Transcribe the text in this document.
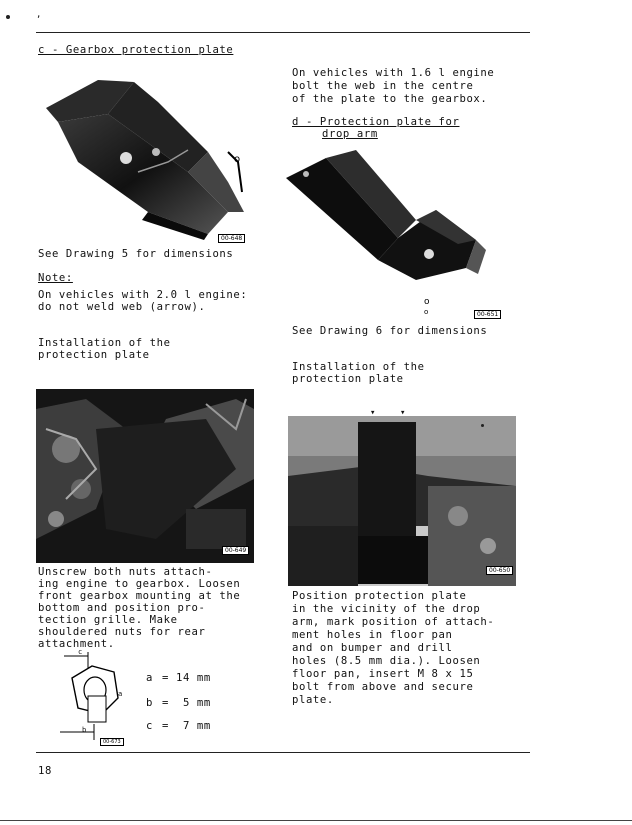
,
c - Gearbox protection plate
o
00-648
See Drawing 5 for dimensions
Note:
On vehicles with 2.0 l engine:
do not weld web (arrow).
Installation of the
protection plate
00-649
Unscrew both nuts attach-
ing engine to gearbox. Loosen
front gearbox mounting at the
bottom and position pro-
tection grille. Make
shouldered nuts for rear
attachment.
c
a
b
a = 14 mm
b = 5 mm
c = 7 mm
00-673
On vehicles with 1.6 l engine
bolt the web in the centre
of the plate to the gearbox.
d - Protection plate for
drop arm
o
o	00-651
See Drawing 6 for dimensions
Installation of the
protection plate
▾	▾
00-650
Position protection plate
in the vicinity of the drop
arm, mark position of attach-
ment holes in floor pan
and on bumper and drill
holes (8.5 mm dia.). Loosen
floor pan, insert M 8 x 15
bolt from above and secure
plate.
18
